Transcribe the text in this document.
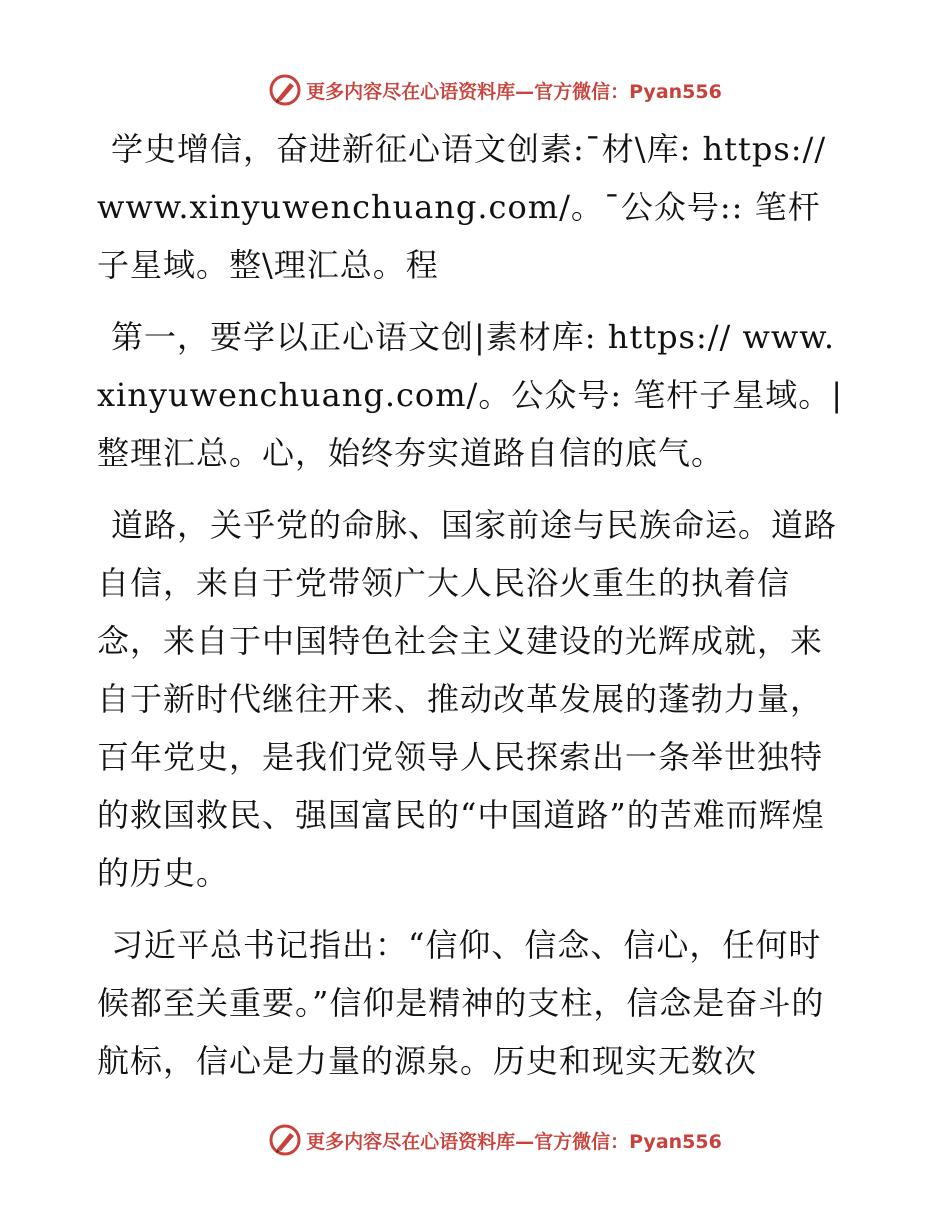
更多内容尽在心语资料库—官方微信：Pyan556

学史增信，奋进新征心语文创素:¯材\库: https://www.xinyuwenchuang.com/。¯公众号:: 笔杆子星域。整\理汇总。程

第一，要学以正心语文创|素材库: https:// www.xinyuwenchuang.com/。公众号: 笔杆子星域。|整理汇总。心，始终夯实道路自信的底气。

道路，关乎党的命脉、国家前途与民族命运。道路自信，来自于党带领广大人民浴火重生的执着信念，来自于中国特色社会主义建设的光辉成就，来自于新时代继往开来、推动改革发展的蓬勃力量，百年党史，是我们党领导人民探索出一条举世独特的救国救民、强国富民的“中国道路”的苦难而辉煌的历史。

习近平总书记指出：“信仰、信念、信心，任何时候都至关重要。”信仰是精神的支柱，信念是奋斗的航标，信心是力量的源泉。历史和现实无数次

更多内容尽在心语资料库—官方微信：Pyan556
